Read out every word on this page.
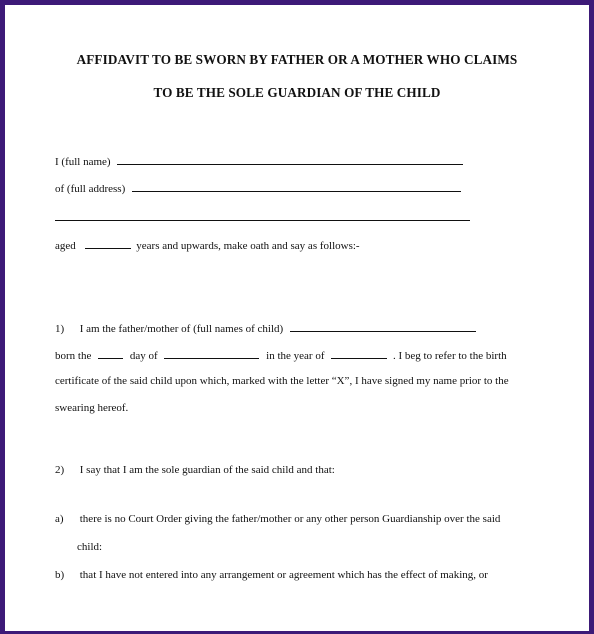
AFFIDAVIT TO BE SWORN BY FATHER OR A MOTHER WHO CLAIMS
TO BE THE SOLE GUARDIAN OF THE CHILD
I (full name)
of (full address)
aged	years and upwards, make oath and say as follows:-
1) I am the father/mother of (full names of child)
born the	day of	in the year of	. I beg to refer to the birth
certificate of the said child upon which, marked with the letter “X”, I have signed my name prior to the
swearing hereof.
2) I say that I am the sole guardian of the said child and that:
a) there is no Court Order giving the father/mother or any other person Guardianship over the said
child:
b) that I have not entered into any arrangement or agreement which has the effect of making, or
